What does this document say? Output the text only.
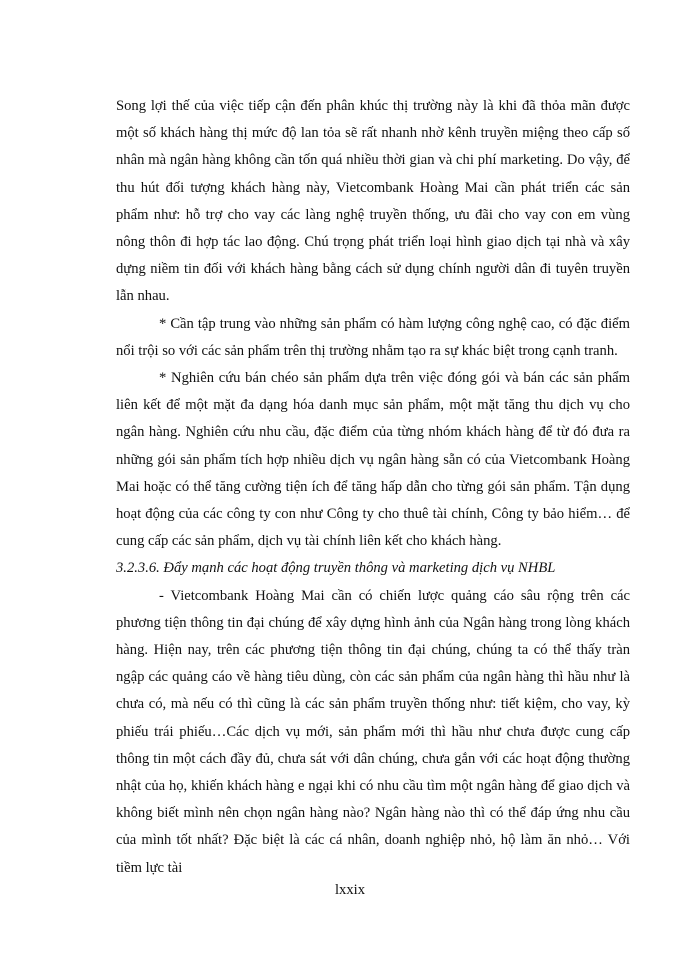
Song lợi thế của việc tiếp cận đến phân khúc thị trường này là khi đã thỏa mãn được một số khách hàng thị mức độ lan tỏa sẽ rất nhanh nhờ kênh truyền miệng theo cấp số nhân mà ngân hàng không cần tốn quá nhiều thời gian và chi phí marketing. Do vậy, để thu hút đối tượng khách hàng này, Vietcombank Hoàng Mai cần phát triển các sản phẩm như: hỗ trợ cho vay các làng nghệ truyền thống, ưu đãi cho vay con em vùng nông thôn đi hợp tác lao động. Chú trọng phát triển loại hình giao dịch tại nhà và xây dựng niềm tin đối với khách hàng bằng cách sử dụng chính người dân đi tuyên truyền lẫn nhau.

* Cần tập trung vào những sản phẩm có hàm lượng công nghệ cao, có đặc điểm nổi trội so với các sản phẩm trên thị trường nhằm tạo ra sự khác biệt trong cạnh tranh.

* Nghiên cứu bán chéo sản phẩm dựa trên việc đóng gói và bán các sản phẩm liên kết để một mặt đa dạng hóa danh mục sản phẩm, một mặt tăng thu dịch vụ cho ngân hàng. Nghiên cứu nhu cầu, đặc điểm của từng nhóm khách hàng để từ đó đưa ra những gói sản phẩm tích hợp nhiều dịch vụ ngân hàng sẵn có của Vietcombank Hoàng Mai hoặc có thể tăng cường tiện ích để tăng hấp dẫn cho từng gói sản phẩm. Tận dụng hoạt động của các công ty con như Công ty cho thuê tài chính, Công ty bảo hiểm… để cung cấp các sản phẩm, dịch vụ tài chính liên kết cho khách hàng.

3.2.3.6. Đẩy mạnh các hoạt động truyền thông và marketing dịch vụ NHBL

- Vietcombank Hoàng Mai cần có chiến lược quảng cáo sâu rộng trên các phương tiện thông tin đại chúng để xây dựng hình ảnh của Ngân hàng trong lòng khách hàng. Hiện nay, trên các phương tiện thông tin đại chúng, chúng ta có thể thấy tràn ngập các quảng cáo về hàng tiêu dùng, còn các sản phẩm của ngân hàng thì hầu như là chưa có, mà nếu có thì cũng là các sản phẩm truyền thống như: tiết kiệm, cho vay, kỳ phiếu trái phiếu…Các dịch vụ mới, sản phẩm mới thì hầu như chưa được cung cấp thông tin một cách đầy đủ, chưa sát với dân chúng, chưa gắn với các hoạt động thường nhật của họ, khiến khách hàng e ngại khi có nhu cầu tìm một ngân hàng để giao dịch và không biết mình nên chọn ngân hàng nào? Ngân hàng nào thì có thể đáp ứng nhu cầu của mình tốt nhất? Đặc biệt là các cá nhân, doanh nghiệp nhỏ, hộ làm ăn nhỏ… Với tiềm lực tài

lxxix
